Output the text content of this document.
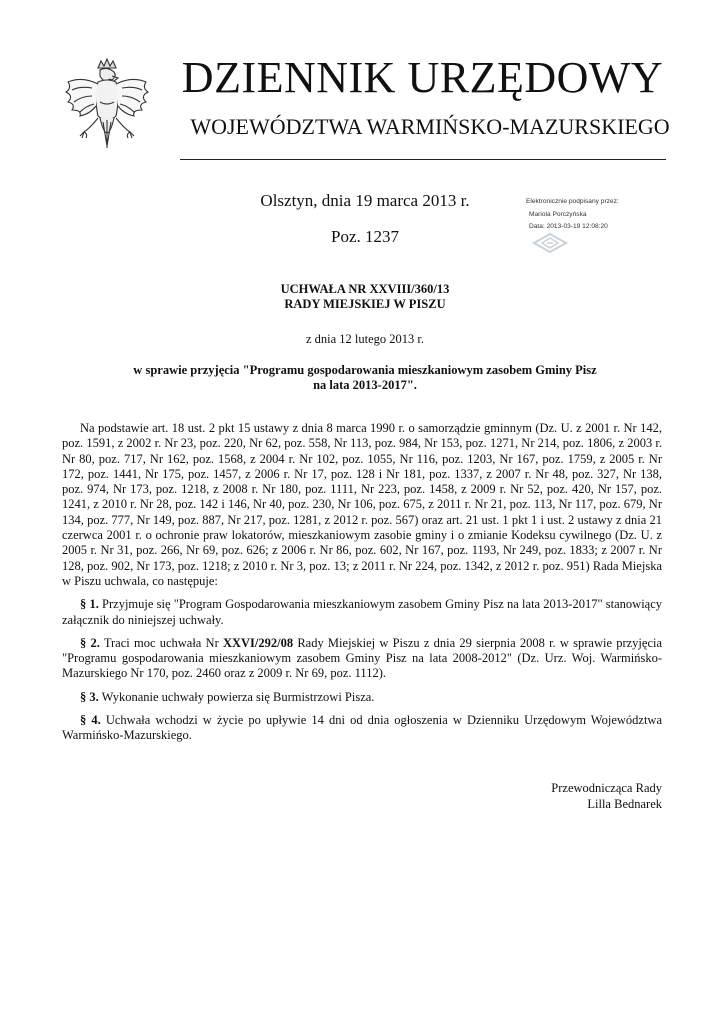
DZIENNIK URZĘDOWY
WOJEWÓDZTWA WARMIŃSKO-MAZURSKIEGO
Olsztyn, dnia 19 marca 2013 r.
Poz. 1237
Elektronicznie podpisany przez:
Mariola Porczyńska
Data: 2013-03-19 12:08:20
UCHWAŁA NR XXVIII/360/13
RADY MIEJSKIEJ W PISZU
z dnia 12 lutego 2013 r.
w sprawie przyjęcia "Programu gospodarowania mieszkaniowym zasobem Gminy Pisz
na lata 2013-2017".

Na podstawie art. 18 ust. 2 pkt 15 ustawy z dnia 8 marca 1990 r. o samorządzie gminnym (Dz. U. z 2001 r. Nr 142, poz. 1591, z 2002 r. Nr 23, poz. 220, Nr 62, poz. 558, Nr 113, poz. 984, Nr 153, poz. 1271, Nr 214, poz. 1806, z 2003 r. Nr 80, poz. 717, Nr 162, poz. 1568, z 2004 r. Nr 102, poz. 1055, Nr 116, poz. 1203, Nr 167, poz. 1759, z 2005 r. Nr 172, poz. 1441, Nr 175, poz. 1457, z 2006 r. Nr 17, poz. 128 i Nr 181, poz. 1337, z 2007 r. Nr 48, poz. 327, Nr 138, poz. 974, Nr 173, poz. 1218, z 2008 r. Nr 180, poz. 1111, Nr 223, poz. 1458, z 2009 r. Nr 52, poz. 420, Nr 157, poz. 1241, z 2010 r. Nr 28, poz. 142 i 146, Nr 40, poz. 230, Nr 106, poz. 675, z 2011 r. Nr 21, poz. 113, Nr 117, poz. 679, Nr 134, poz. 777, Nr 149, poz. 887, Nr 217, poz. 1281, z 2012 r. poz. 567) oraz art. 21 ust. 1 pkt 1 i ust. 2 ustawy z dnia 21 czerwca 2001 r. o ochronie praw lokatorów, mieszkaniowym zasobie gminy i o zmianie Kodeksu cywilnego (Dz. U. z 2005 r. Nr 31, poz. 266, Nr 69, poz. 626; z 2006 r. Nr 86, poz. 602, Nr 167, poz. 1193, Nr 249, poz. 1833; z 2007 r. Nr 128, poz. 902, Nr 173, poz. 1218; z 2010 r. Nr 3, poz. 13; z 2011 r. Nr 224, poz. 1342, z 2012 r. poz. 951) Rada Miejska w Piszu uchwala, co następuje:

§ 1. Przyjmuje się "Program Gospodarowania mieszkaniowym zasobem Gminy Pisz na lata 2013-2017" stanowiący załącznik do niniejszej uchwały.

§ 2. Traci moc uchwała Nr XXVI/292/08 Rady Miejskiej w Piszu z dnia 29 sierpnia 2008 r. w sprawie przyjęcia "Programu gospodarowania mieszkaniowym zasobem Gminy Pisz na lata 2008-2012" (Dz. Urz. Woj. Warmińsko-Mazurskiego Nr 170, poz. 2460 oraz z 2009 r. Nr 69, poz. 1112).

§ 3. Wykonanie uchwały powierza się Burmistrzowi Pisza.

§ 4. Uchwała wchodzi w życie po upływie 14 dni od dnia ogłoszenia w Dzienniku Urzędowym Województwa Warmińsko-Mazurskiego.

Przewodnicząca Rady
Lilla Bednarek
